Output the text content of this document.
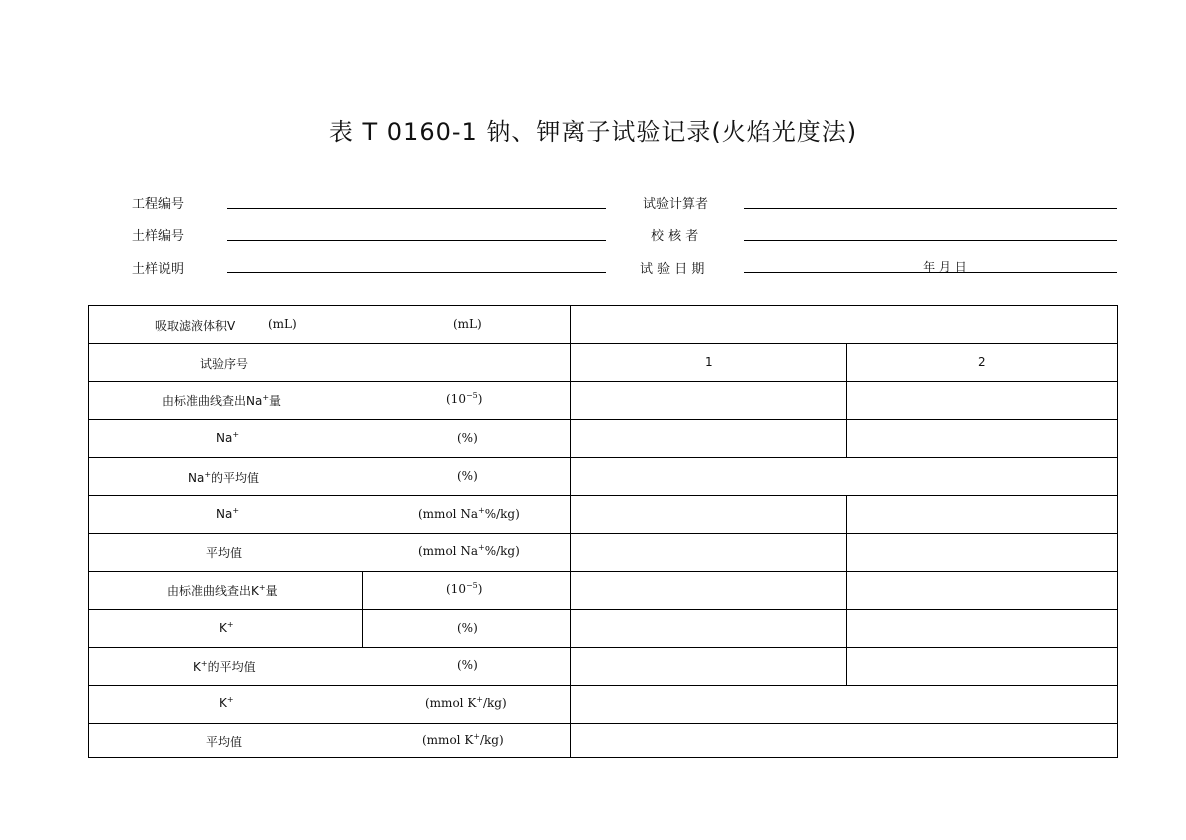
表 T 0160-1 钠、钾离子试验记录(火焰光度法)
工程编号
土样编号
土样说明
试验计算者
校 核 者
试 验 日 期	年 月 日
吸取滤液体积V	(mL)	(mL)
试验序号	1	2
由标准曲线查出Na+量	$(10^{-5})$
Na+	(%)
Na+的平均值	(%)
Na+	(mmol Na+%/kg)
平均值	(mmol Na+%/kg)
由标准曲线查出K+量	$(10^{-5})$
K+	(%)
K+的平均值	(%)
K+	(mmol K+/kg)
平均值	(mmol K+/kg)
